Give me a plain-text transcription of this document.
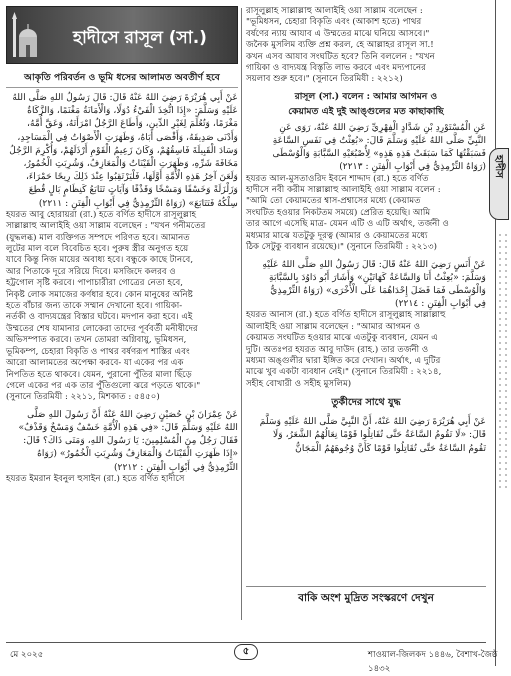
হাদীস
হাদীসে রাসূল (সা.)
আকৃতি পরিবর্তন ও ভূমি ধসের আলামত অবতীর্ণ হবে
عَنْ أَبِي هُرَيْرَةَ رَضِيَ اللهُ عَنْهُ قَالَ: قَالَ رَسُولُ اللهِ صَلَّى اللهُ
عَلَيْهِ وَسَلَّمَ: «إِذَا اتُّخِذَ الْفَيْءُ دُوَلًا، وَالْأَمَانَةُ مَغْنَمًا، وَالزَّكَاةُ
مَغْرَمًا، وَتُعُلِّمَ لِغَيْرِ الدِّينِ، وَأَطَاعَ الرَّجُلُ امْرَأَتَهُ، وَعَقَّ أُمَّهُ،
وَأَدْنَى صَدِيقَهُ، وَأَقْصَى أَبَاهُ، وَظَهَرَتِ الْأَصْوَاتُ فِي الْمَسَاجِدِ،
وَسَادَ الْقَبِيلَةَ فَاسِقُهُمْ، وَكَانَ زَعِيمُ الْقَوْمِ أَرْذَلَهُمْ، وَأُكْرِمَ الرَّجُلُ
مَخَافَةَ شَرِّهِ، وَظَهَرَتِ الْقَيْنَاتُ وَالْمَعَازِفُ، وَشُرِبَتِ الْخُمُورُ،
وَلَعَنَ آخِرُ هَذِهِ الْأُمَّةِ أَوَّلَهَا، فَلْيَرْتَقِبُوا عِنْدَ ذَلِكَ رِيحًا حَمْرَاءَ،
وَزَلْزَلَةً وَخَسْفًا وَمَسْخًا وَقَذْفًا وَآيَاتٍ تَتَابَعُ كَنِظَامٍ بَالٍ قُطِعَ
سِلْكُهُ فَتَتَابَعَ» (رَوَاهُ التِّرْمِذِيُّ فِي أَبْوَابِ الْفِتَنِ : ٢٢١١)
হযরত আবু হোরায়রা (রা.) হতে বর্ণিত হাদীসে রাসূলুল্লাহ
সাল্লাল্লাহু আলাইহি ওয়া সাল্লাম বলেছেন : "যখন গনীমতের
(যুদ্ধলব্ধ) মাল ব্যক্তিগত সম্পদে পরিণত হবে। আমানত
লুটের মাল বলে বিবেচিত হবে। পুরুষ স্ত্রীর অনুগত হয়ে
যাবে কিন্তু নিজ মায়ের অবাধ্য হবে। বন্ধুকে কাছে টানবে,
আর পিতাকে দূরে সরিয়ে দিবে। মসজিদে কলরব ও
হট্টগোল সৃষ্টি করবে। পাপাচারীরা গোত্রের নেতা হবে,
নিকৃষ্ট লোক সমাজের কর্ণধার হবে। কোন মানুষের অনিষ্ট
হতে বাঁচার জন্য তাকে সম্মান দেখানো হবে। গায়িকা-
নর্তকী ও বাদ্যযন্ত্রের বিস্তার ঘটবে। মদপান করা হবে। এই
উম্মতের শেষ যামানার লোকেরা তাদের পূর্ববর্তী মনীষীদের
অভিসম্পাত করবে। তখন তোমরা অগ্নিবায়ু, ভূমিধসন,
ভূমিকম্প, চেহারা বিকৃতি ও পাথর বর্ষণরূপ শাস্তির এবং
আরো আলামতের অপেক্ষা করবে- যা একের পর এক
নিপতিত হতে থাকবে। যেমন, পুরানো পুঁতির মালা ছিঁড়ে
গেলে একের পর এক তার পুঁতিগুলো ঝরে পড়তে থাকে।"
(সুনানে তিরমিযী : ২২১১, মিশকাত : ৫৪৫০)
عَنْ عِمْرَانَ بْنِ حُصَيْنٍ رَضِيَ اللهُ عَنْهُ أَنَّ رَسُولَ اللهِ صَلَّى
اللهُ عَلَيْهِ وَسَلَّمَ قَالَ: «فِي هَذِهِ الْأُمَّةِ خَسْفٌ وَمَسْخٌ وَقَذْفٌ»
فَقَالَ رَجُلٌ مِنَ الْمُسْلِمِينَ: يَا رَسُولَ اللهِ، وَمَتَى ذَاكَ؟ قَالَ:
«إِذَا ظَهَرَتِ الْقَيْنَاتُ وَالْمَعَازِفُ وَشُرِبَتِ الْخُمُورُ» (رَوَاهُ
التِّرْمِذِيُّ فِي أَبْوَابِ الْفِتَنِ : ٢٢١٢)
হযরত ইমরান ইবনুল হুসাইন (রা.) হতে বর্ণিত হাদীসে
রাসূলুল্লাহ সাল্লাল্লাহু আলাইহি ওয়া সাল্লাম বলেছেন :
"ভূমিধসন, চেহারা বিকৃতি এবং (আকাশ হতে) পাথর
বর্ষণের ন্যায় আযাব এ উম্মতের মাঝে ঘনিয়ে আসবে।"
জনৈক মুসলিম ব্যক্তি প্রশ্ন করল, হে আল্লাহর রাসূল সা.!
কখন এসব আযাব সংঘটিত হবে? তিনি বললেন : "যখন
গায়িকা ও বাদ্যযন্ত্র বিস্তৃতি লাভ করবে এবং মদ্যপানের
সয়লাব শুরু হবে।" (সুনানে তিরমিযী : ২২১২)
রাসূল (সা.) বলেন : আমার আগমন ও
কেয়ামত এই দুই আঙ্গুলের মত কাছাকাছি
عَنِ الْمُسْتَوْرِدِ بْنِ شَدَّادٍ الْفِهْرِيِّ رَضِيَ اللهُ عَنْهُ، رَوَى عَنِ
النَّبِيِّ صَلَّى اللهُ عَلَيْهِ وَسَلَّمَ قَالَ: «بُعِثْتُ فِي نَفَسِ السَّاعَةِ
فَسَبَقْتُهَا كَمَا سَبَقَتْ هَذِهِ هَذِهِ» لِأُصْبُعَيْهِ السَّبَّابَةِ وَالْوُسْطَى
(رَوَاهُ التِّرْمِذِيُّ فِي أَبْوَابِ الْفِتَنِ : ٢٢١٣)
হযরত আল-মুসতাওরিদ ইবনে শাদ্দাদ (রা.) হতে বর্ণিত
হাদীসে নবী করীম সাল্লাল্লাহু আলাইহি ওয়া সাল্লাম বলেন :
"আমি তো কেয়ামতের শ্বাস-প্রশ্বাসের মধ্যে (কেয়ামত
সংঘটিত হওয়ার নিকটতম সময়ে) প্রেরিত হয়েছি। আমি
তার আগে এসেছি মাত্র- যেমন এটি ও এটি অর্থাৎ, তর্জনী ও
মধ্যমার মাঝে যতটুকু দূরত্ব (আমার ও কেয়ামতের মধ্যে
ঠিক সেটুকু ব্যবধান রয়েছে)।" (সুনানে তিরমিযী : ২২১৩)
عَنْ أَنَسٍ رَضِيَ اللهُ عَنْهُ قَالَ: قَالَ رَسُولُ اللهِ صَلَّى اللهُ عَلَيْهِ
وَسَلَّمَ: «بُعِثْتُ أَنَا وَالسَّاعَةُ كَهَاتَيْنِ» وَأَشَارَ أَبُو دَاوُدَ بِالسَّبَّابَةِ
وَالْوُسْطَى فَمَا فَضَلَ إِحْدَاهُمَا عَلَى الْأُخْرَى» (رَوَاهُ التِّرْمِذِيُّ
فِي أَبْوَابِ الْفِتَنِ : ٢٢١٤)
হযরত আনাস (রা.) হতে বর্ণিত হাদীসে রাসূলুল্লাহ সাল্লাল্লাহু
আলাইহি ওয়া সাল্লাম বলেছেন : "আমার আগমন ও
কেয়ামত সংঘটিত হওয়ার মাঝে এতটুকু ব্যবধান, যেমন এ
দুটি। অতঃপর হযরত আবু দাউদ (রাহ.) তার তর্জনী ও
মধ্যমা অঙ্গুলীর দ্বারা ইঙ্গিত করে দেখান। অর্থাৎ, এ দুটির
মাঝে খুব একটা ব্যবধান নেই।" (সুনানে তিরমিযী : ২২১৪,
সহীহ বোখারী ও সহীহ মুসলিম)
তুর্কীদের সাথে যুদ্ধ
عَنْ أَبِي هُرَيْرَةَ رَضِيَ اللهُ عَنْهُ، أَنَّ النَّبِيَّ صَلَّى اللهُ عَلَيْهِ وَسَلَّمَ
قَالَ: «لَا تَقُومُ السَّاعَةُ حَتَّى تُقَاتِلُوا قَوْمًا نِعَالُهُمُ الشَّعَرُ، وَلَا
تَقُومُ السَّاعَةُ حَتَّى تُقَاتِلُوا قَوْمًا كَأَنَّ وُجُوهَهُمُ الْمَجَانُّ
বাকি অংশ মুদ্রিত সংস্করণে দেখুন
মে ২০২৫	৫	শাওয়াল-জিলকদ ১৪৪৬, বৈশাখ-জৈষ্ঠ ১৪৩২
